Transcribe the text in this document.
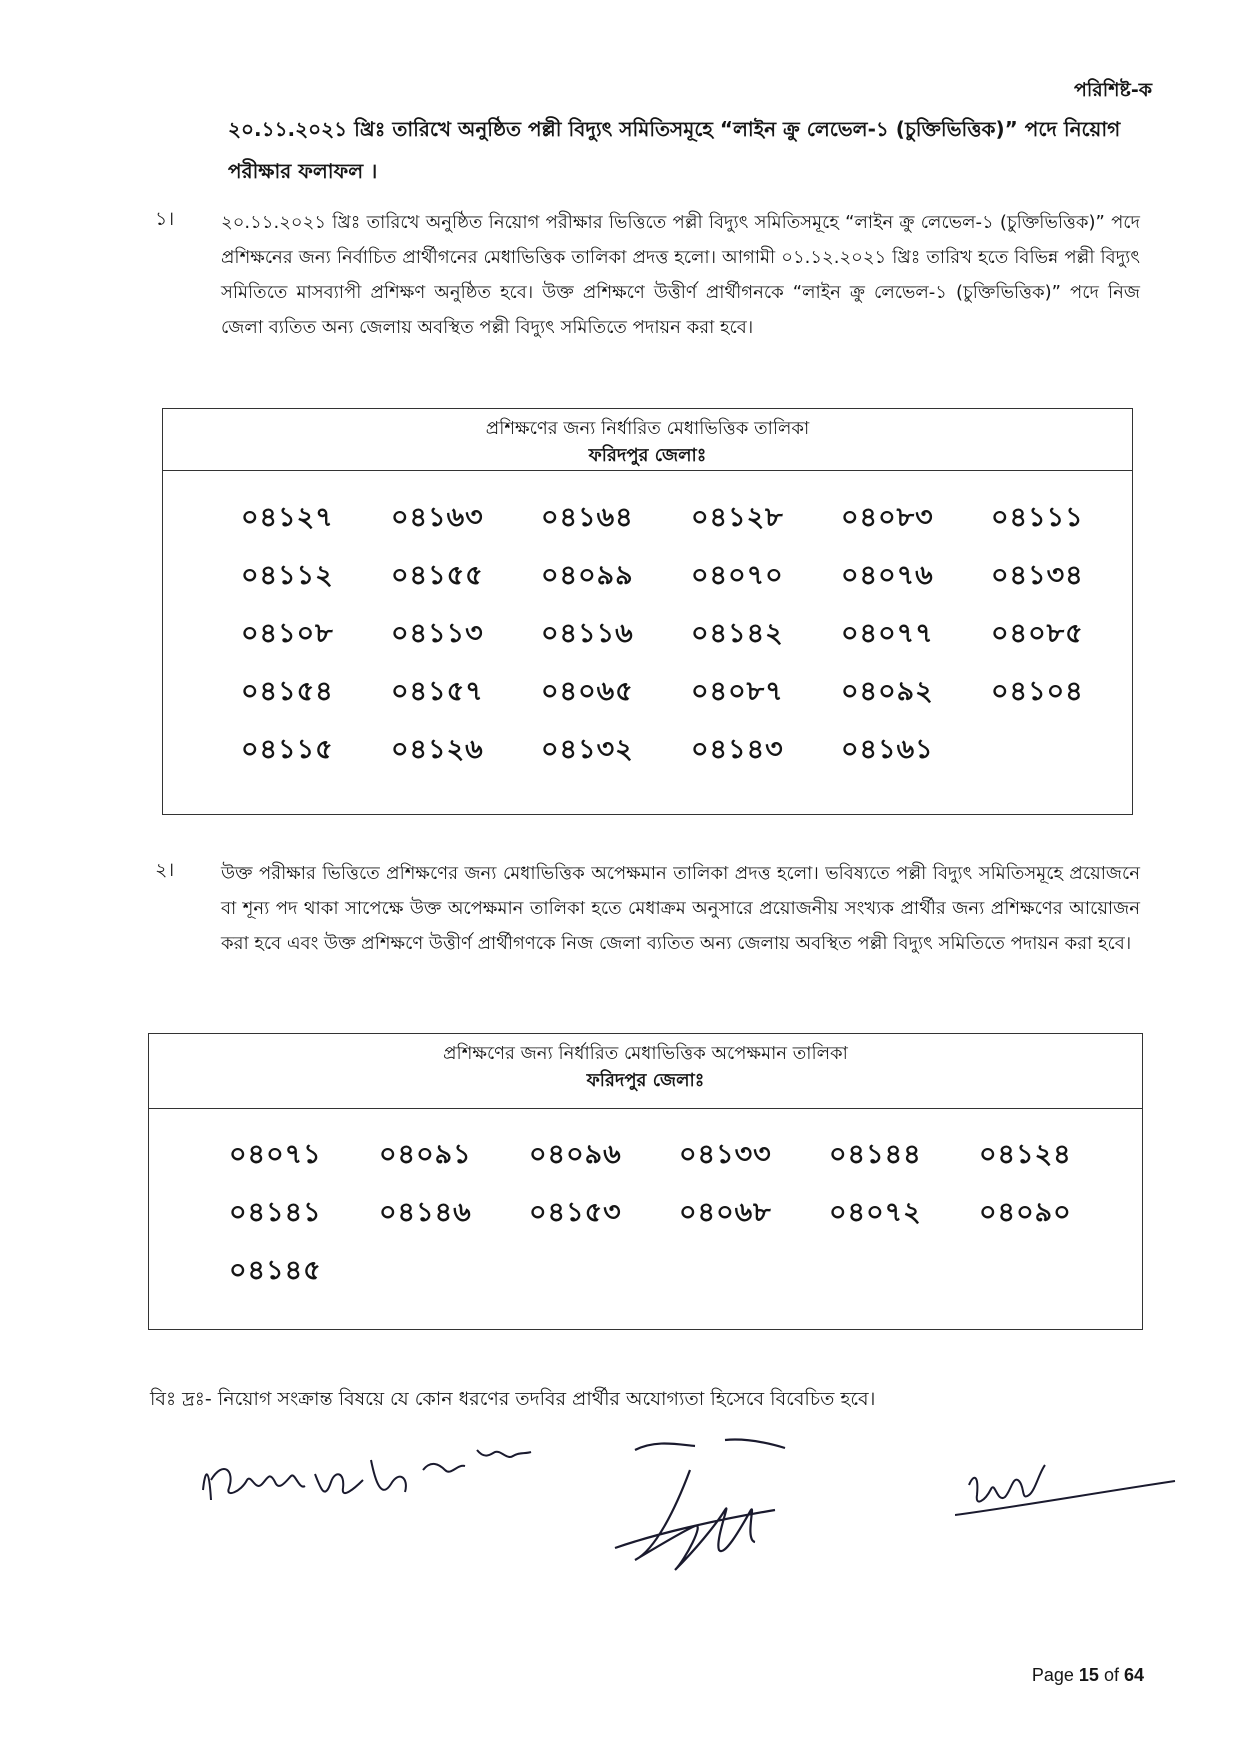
পরিশিষ্ট-ক
২০.১১.২০২১ খ্রিঃ তারিখে অনুষ্ঠিত পল্লী বিদ্যুৎ সমিতিসমূহে “লাইন ক্রু লেভেল-১ (চুক্তিভিত্তিক)” পদে নিয়োগ পরীক্ষার ফলাফল ।
১।	২০.১১.২০২১ খ্রিঃ তারিখে অনুষ্ঠিত নিয়োগ পরীক্ষার ভিত্তিতে পল্লী বিদ্যুৎ সমিতিসমূহে “লাইন ক্রু লেভেল-১ (চুক্তিভিত্তিক)” পদে প্রশিক্ষনের জন্য নির্বাচিত প্রার্থীগনের মেধাভিত্তিক তালিকা প্রদত্ত হলো। আগামী ০১.১২.২০২১ খ্রিঃ তারিখ হতে বিভিন্ন পল্লী বিদ্যুৎ সমিতিতে মাসব্যাপী প্রশিক্ষণ অনুষ্ঠিত হবে। উক্ত প্রশিক্ষণে উত্তীর্ণ প্রার্থীগনকে “লাইন ক্রু লেভেল-১ (চুক্তিভিত্তিক)” পদে নিজ জেলা ব্যতিত অন্য জেলায় অবস্থিত পল্লী বিদ্যুৎ সমিতিতে পদায়ন করা হবে।
প্রশিক্ষণের জন্য নির্ধারিত মেধাভিত্তিক তালিকা
ফরিদপুর জেলাঃ
০৪১২৭	০৪১৬৩	০৪১৬৪	০৪১২৮	০৪০৮৩	০৪১১১
০৪১১২	০৪১৫৫	০৪০৯৯	০৪০৭০	০৪০৭৬	০৪১৩৪
০৪১০৮	০৪১১৩	০৪১১৬	০৪১৪২	০৪০৭৭	০৪০৮৫
০৪১৫৪	০৪১৫৭	০৪০৬৫	০৪০৮৭	০৪০৯২	০৪১০৪
০৪১১৫	০৪১২৬	০৪১৩২	০৪১৪৩	০৪১৬১
২।	উক্ত পরীক্ষার ভিত্তিতে প্রশিক্ষণের জন্য মেধাভিত্তিক অপেক্ষমান তালিকা প্রদত্ত হলো। ভবিষ্যতে পল্লী বিদ্যুৎ সমিতিসমূহে প্রয়োজনে বা শূন্য পদ থাকা সাপেক্ষে উক্ত অপেক্ষমান তালিকা হতে মেধাক্রম অনুসারে প্রয়োজনীয় সংখ্যক প্রার্থীর জন্য প্রশিক্ষণের আয়োজন করা হবে এবং উক্ত প্রশিক্ষণে উত্তীর্ণ প্রার্থীগণকে নিজ জেলা ব্যতিত অন্য জেলায় অবস্থিত পল্লী বিদ্যুৎ সমিতিতে পদায়ন করা হবে।
প্রশিক্ষণের জন্য নির্ধারিত মেধাভিত্তিক অপেক্ষমান তালিকা
ফরিদপুর জেলাঃ
০৪০৭১	০৪০৯১	০৪০৯৬	০৪১৩৩	০৪১৪৪	০৪১২৪
০৪১৪১	০৪১৪৬	০৪১৫৩	০৪০৬৮	০৪০৭২	০৪০৯০
০৪১৪৫
বিঃ দ্রঃ- নিয়োগ সংক্রান্ত বিষয়ে যে কোন ধরণের তদবির প্রার্থীর অযোগ্যতা হিসেবে বিবেচিত হবে।
Page 15 of 64
